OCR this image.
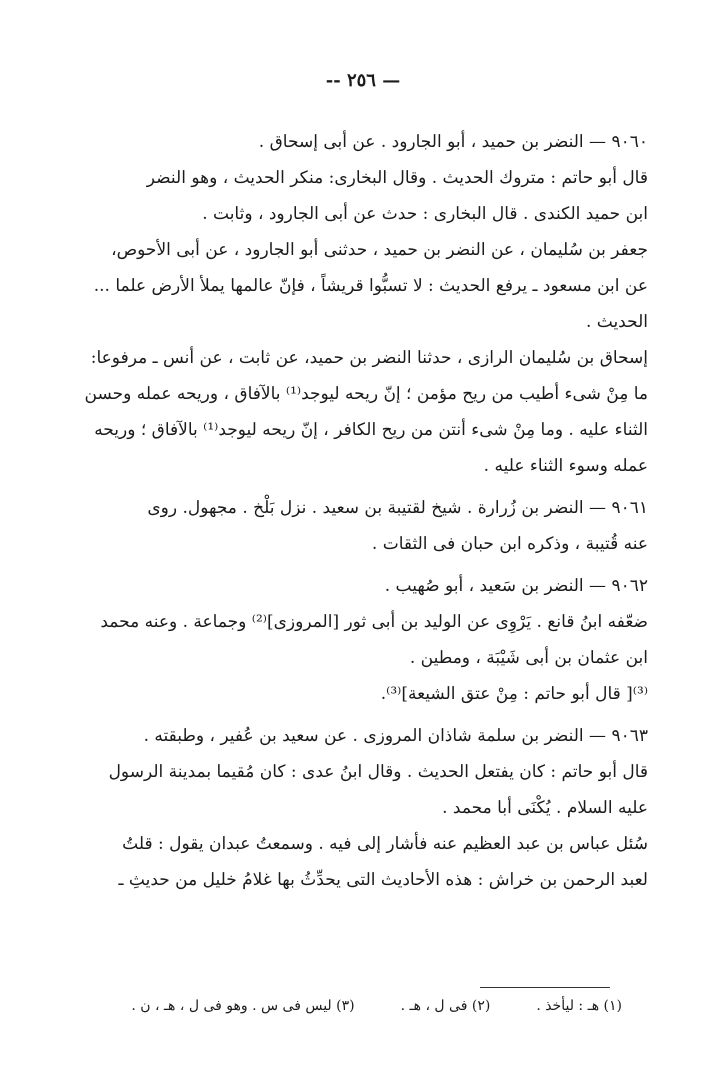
— ٢٥٦ --
٩٠٦٠ — النضر بن حميد ، أبو الجارود . عن أبى إسحاق .
قال أبو حاتم : متروك الحديث . وقال البخارى: منكر الحديث ، وهو النضر
ابن حميد الكندى . قال البخارى : حدث عن أبى الجارود ، وثابت .
جعفر بن سُليمان ، عن النضر بن حميد ، حدثنى أبو الجارود ، عن أبى الأحوص،
عن ابن مسعود ـ يرفع الحديث : لا تسبُّوا قريشاً ، فإنّ عالمها يملأ الأرض علما ...
الحديث .
إسحاق بن سُليمان الرازى ، حدثنا النضر بن حميد، عن ثابت ، عن أنس ـ مرفوعا:
ما مِنْ شىء أطيب من ريح مؤمن ؛ إنّ ريحه ليوجد⁽¹⁾ بالآفاق ، وريحه عمله وحسن
الثناء عليه . وما مِنْ شىء أنتن من ريح الكافر ، إنّ ريحه ليوجد⁽¹⁾ بالآفاق ؛ وريحه
عمله وسوء الثناء عليه .
٩٠٦١ — النضر بن زُرارة . شيخ لقتيبة بن سعيد . نزل بَلْخ . مجهول. روى
عنه قُتيبة ، وذكره ابن حبان فى الثقات .
٩٠٦٢ — النضر بن سَعيد ، أبو صُهيب .
ضعّفه ابنُ قانع . يَرْوِى عن الوليد بن أبى ثور [المروزى]⁽²⁾ وجماعة . وعنه محمد
ابن عثمان بن أبى شَيْبَة ، ومطين .
⁽³⁾[ قال أبو حاتم : مِنْ عتق الشيعة]⁽³⁾.
٩٠٦٣ — النضر بن سلمة شاذان المروزى . عن سعيد بن عُفير ، وطبقته .
قال أبو حاتم : كان يفتعل الحديث . وقال ابنُ عدى : كان مُقيما بمدينة الرسول
عليه السلام . يُكْنَى أبا محمد .
سُئل عباس بن عبد العظيم عنه فأشار إلى فيه . وسمعتُ عبدان يقول : قلتُ
لعبد الرحمن بن خراش : هذه الأحاديث التى يحدِّثُ بها غلامُ خليل من حديثِ ـ
(١) هـ : ليأخذ .
(٢) فى ل ، هـ .
(٣) ليس فى س . وهو فى ل ، هـ ، ن .
